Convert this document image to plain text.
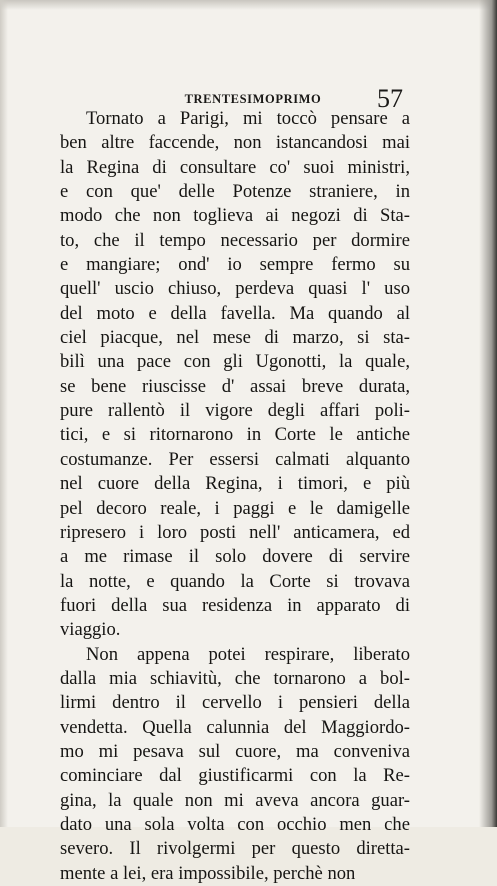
TRENTESIMOPRIMO	57
Tornato a Parigi, mi toccò pensare a
ben altre faccende, non istancandosi mai
la Regina di consultare co' suoi ministri,
e con que' delle Potenze straniere, in
modo che non toglieva ai negozi di Sta-
to, che il tempo necessario per dormire
e mangiare; ond' io sempre fermo su
quell' uscio chiuso, perdeva quasi l' uso
del moto e della favella. Ma quando al
ciel piacque, nel mese di marzo, si sta-
bilì una pace con gli Ugonotti, la quale,
se bene riuscisse d' assai breve durata,
pure rallentò il vigore degli affari poli-
tici, e si ritornarono in Corte le antiche
costumanze. Per essersi calmati alquanto
nel cuore della Regina, i timori, e più
pel decoro reale, i paggi e le damigelle
ripresero i loro posti nell' anticamera, ed
a me rimase il solo dovere di servire
la notte, e quando la Corte si trovava
fuori della sua residenza in apparato di
viaggio.
Non appena potei respirare, liberato
dalla mia schiavitù, che tornarono a bol-
lirmi dentro il cervello i pensieri della
vendetta. Quella calunnia del Maggiordo-
mo mi pesava sul cuore, ma conveniva
cominciare dal giustificarmi con la Re-
gina, la quale non mi aveva ancora guar-
dato una sola volta con occhio men che
severo. Il rivolgermi per questo diretta-
mente a lei, era impossibile, perchè non
